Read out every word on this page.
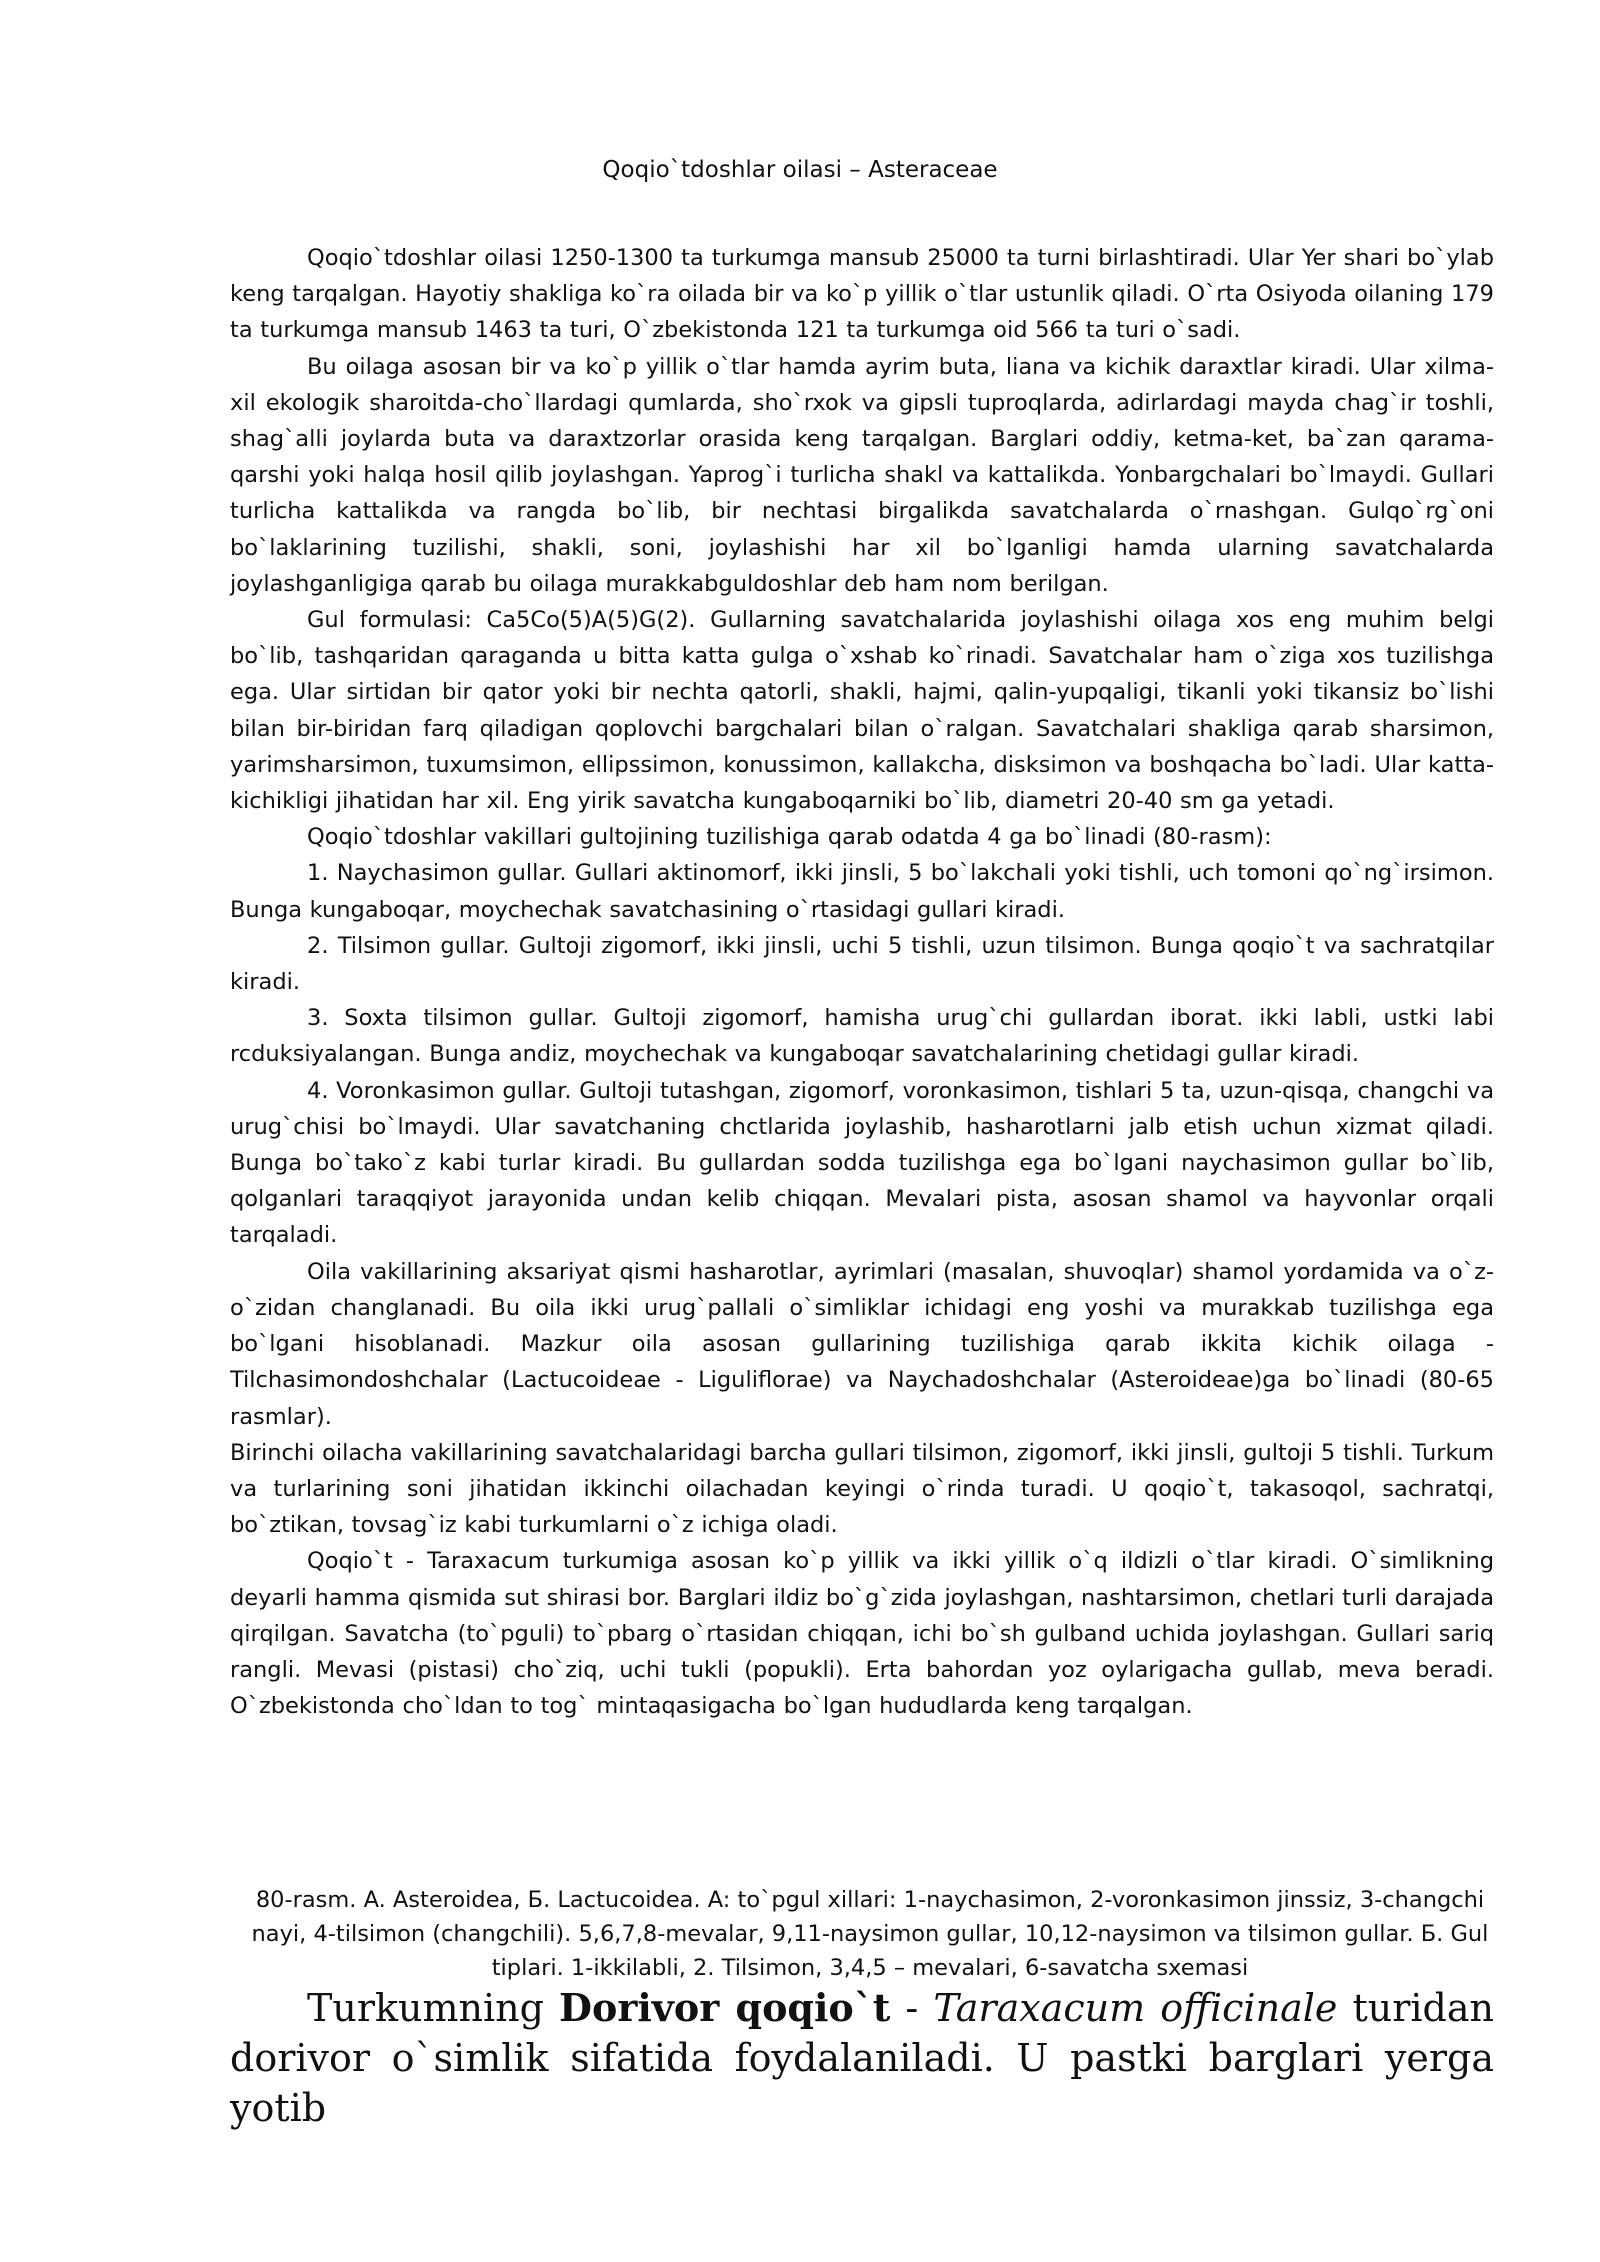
Qoqio`tdoshlar oilasi – Asteraceae

Qoqio`tdoshlar oilasi 1250-1300 ta turkumga mansub 25000 ta turni birlashtiradi. Ular Yer shari bo`ylab keng tarqalgan. Hayotiy shakliga ko`ra oilada bir va ko`p yillik o`tlar ustunlik qiladi. O`rta Osiyoda oilaning 179 ta turkumga mansub 1463 ta turi, O`zbekistonda 121 ta turkumga oid 566 ta turi o`sadi.

Bu oilaga asosan bir va ko`p yillik o`tlar hamda ayrim buta, liana va kichik daraxtlar kiradi. Ular xilma-xil ekologik sharoitda-cho`llardagi qumlarda, sho`rxok va gipsli tuproqlarda, adirlardagi mayda chag`ir toshli, shag`alli joylarda buta va daraxtzorlar orasida keng tarqalgan. Barglari oddiy, ketma-ket, ba`zan qarama-qarshi yoki halqa hosil qilib joylashgan. Yaprog`i turlicha shakl va kattalikda. Yonbargchalari bo`lmaydi. Gullari turlicha kattalikda va rangda bo`lib, bir nechtasi birgalikda savatchalarda o`rnashgan. Gulqo`rg`oni bo`laklarining tuzilishi, shakli, soni, joylashishi har xil bo`lganligi hamda ularning savatchalarda joylashganligiga qarab bu oilaga murakkabguldoshlar deb ham nom berilgan.

Gul formulasi: Ca5Co(5)A(5)G(2). Gullarning savatchalarida joylashishi oilaga xos eng muhim belgi bo`lib, tashqaridan qaraganda u bitta katta gulga o`xshab ko`rinadi. Savatchalar ham o`ziga xos tuzilishga ega. Ular sirtidan bir qator yoki bir nechta qatorli, shakli, hajmi, qalin-yupqaligi, tikanli yoki tikansiz bo`lishi bilan bir-biridan farq qiladigan qoplovchi bargchalari bilan o`ralgan. Savatchalari shakliga qarab sharsimon, yarimsharsimon, tuxumsimon, ellipssimon, konussimon, kallakcha, disksimon va boshqacha bo`ladi. Ular katta-kichikligi jihatidan har xil. Eng yirik savatcha kungaboqarniki bo`lib, diametri 20-40 sm ga yetadi.

Qoqio`tdoshlar vakillari gultojining tuzilishiga qarab odatda 4 ga bo`linadi (80-rasm):

1. Naychasimon gullar. Gullari aktinomorf, ikki jinsli, 5 bo`lakchali yoki tishli, uch tomoni qo`ng`irsimon. Bunga kungaboqar, moychechak savatchasining o`rtasidagi gullari kiradi.

2. Tilsimon gullar. Gultoji zigomorf, ikki jinsli, uchi 5 tishli, uzun tilsimon. Bunga qoqio`t va sachratqilar kiradi.

3. Soxta tilsimon gullar. Gultoji zigomorf, hamisha urug`chi gullardan iborat. ikki labli, ustki labi rcduksiyalangan. Bunga andiz, moychechak va kungaboqar savatchalarining chetidagi gullar kiradi.

4. Voronkasimon gullar. Gultoji tutashgan, zigomorf, voronkasimon, tishlari 5 ta, uzun-qisqa, changchi va urug`chisi bo`lmaydi. Ular savatchaning chctlarida joylashib, hasharotlarni jalb etish uchun xizmat qiladi. Bunga bo`tako`z kabi turlar kiradi. Bu gullardan sodda tuzilishga ega bo`lgani naychasimon gullar bo`lib, qolganlari taraqqiyot jarayonida undan kelib chiqqan. Mevalari pista, asosan shamol va hayvonlar orqali tarqaladi.

Oila vakillarining aksariyat qismi hasharotlar, ayrimlari (masalan, shuvoqlar) shamol yordamida va o`z-o`zidan changlanadi. Bu oila ikki urug`pallali o`simliklar ichidagi eng yoshi va murakkab tuzilishga ega bo`lgani hisoblanadi. Mazkur oila asosan gullarining tuzilishiga qarab ikkita kichik oilaga - Tilchasimondoshchalar (Lactucoideae - Liguliflorae) va Naychadoshchalar (Asteroideae)ga bo`linadi (80-65 rasmlar).

Birinchi oilacha vakillarining savatchalaridagi barcha gullari tilsimon, zigomorf, ikki jinsli, gultoji 5 tishli. Turkum va turlarining soni jihatidan ikkinchi oilachadan keyingi o`rinda turadi. U qoqio`t, takasoqol, sachratqi, bo`ztikan, tovsag`iz kabi turkumlarni o`z ichiga oladi.

Qoqio`t - Taraxacum turkumiga asosan ko`p yillik va ikki yillik o`q ildizli o`tlar kiradi. O`simlikning deyarli hamma qismida sut shirasi bor. Barglari ildiz bo`g`zida joylashgan, nashtarsimon, chetlari turli darajada qirqilgan. Savatcha (to`pguli) to`pbarg o`rtasidan chiqqan, ichi bo`sh gulband uchida joylashgan. Gullari sariq rangli. Mevasi (pistasi) cho`ziq, uchi tukli (popukli). Erta bahordan yoz oylarigacha gullab, meva beradi. O`zbekistonda cho`ldan to tog` mintaqasigacha bo`lgan hududlarda keng tarqalgan.

80-rasm. A. Asteroidea, Б. Lactucoidea. A: to`pgul xillari: 1-naychasimon, 2-voronkasimon jinssiz, 3-changchi nayi, 4-tilsimon (changchili). 5,6,7,8-mevalar, 9,11-naysimon gullar, 10,12-naysimon va tilsimon gullar. Б. Gul tiplari. 1-ikkilabli, 2. Tilsimon, 3,4,5 – mevalari, 6-savatcha sxemasi

Turkumning Dorivor qoqio`t - Taraxacum officinale turidan dorivor o`simlik sifatida foydalaniladi. U pastki barglari yerga yotib
